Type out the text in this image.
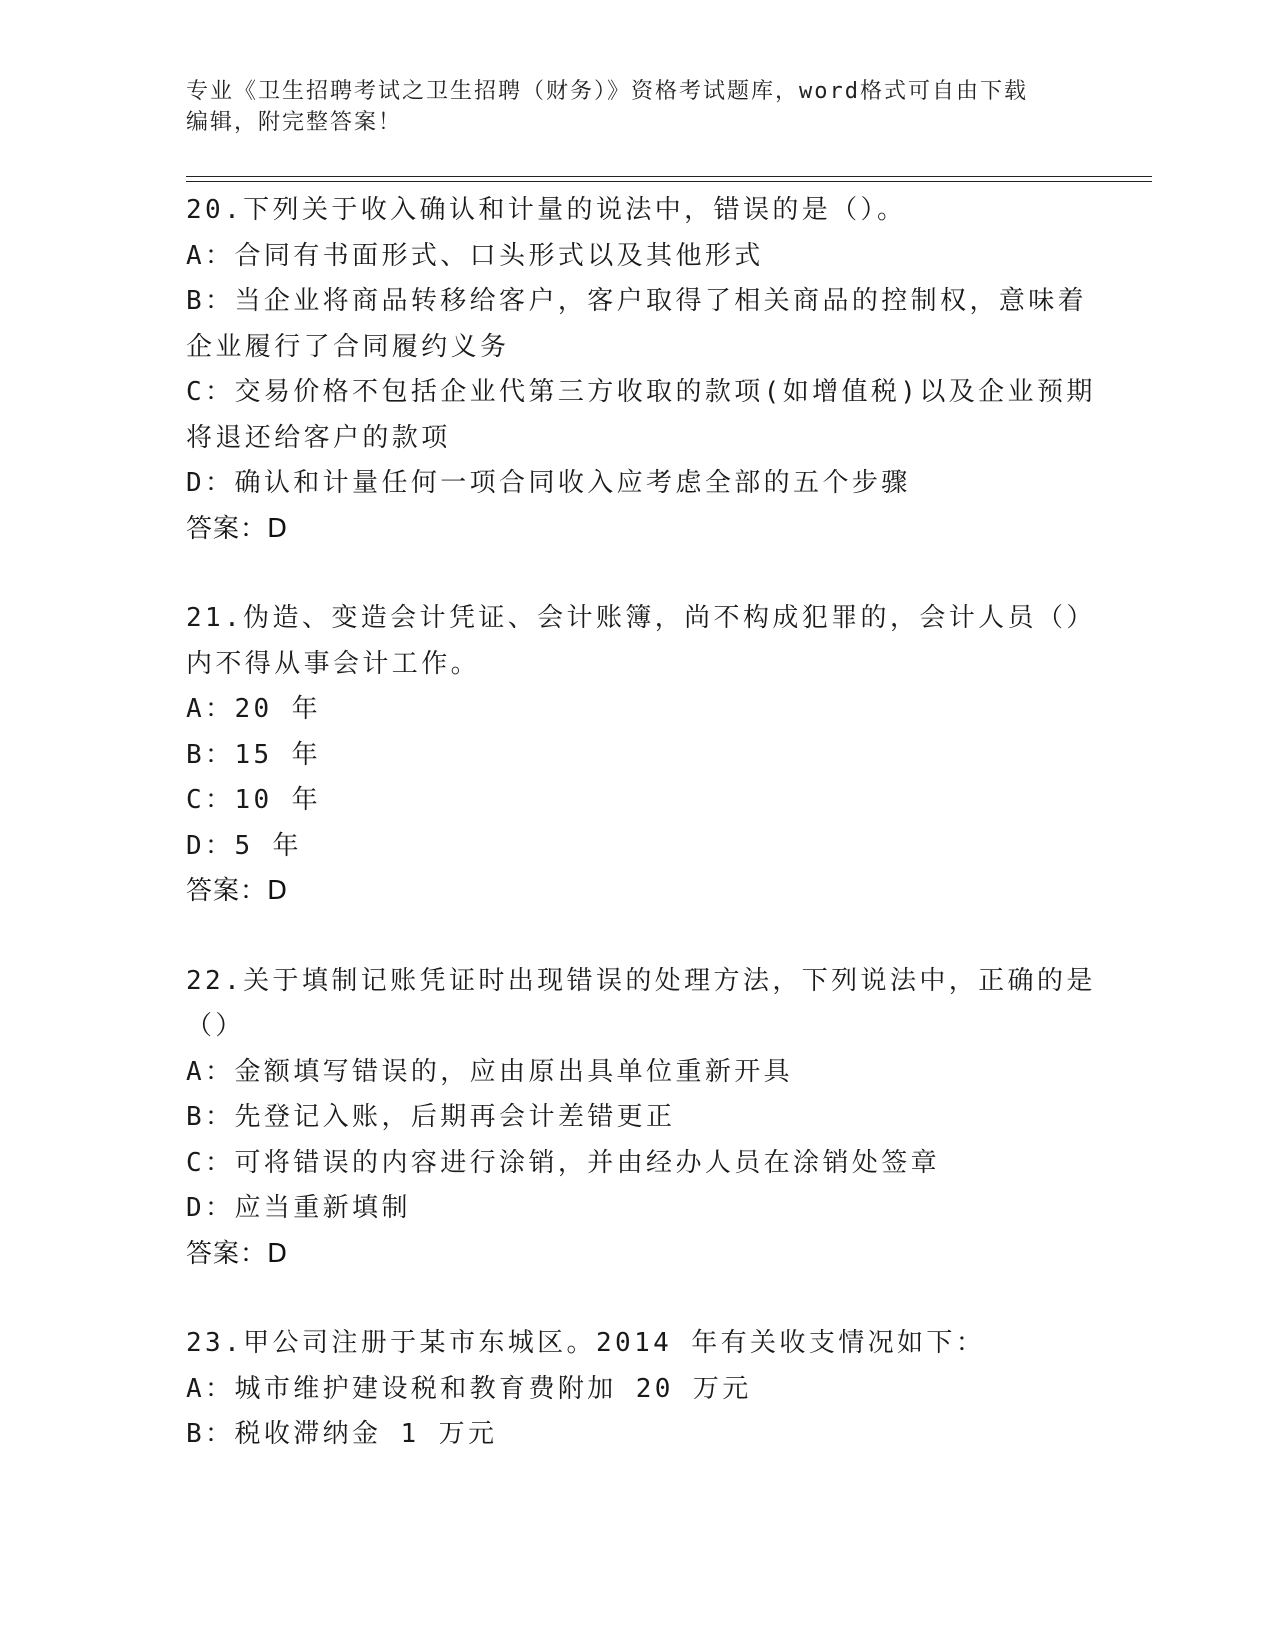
专业《卫生招聘考试之卫生招聘（财务）》资格考试题库，word格式可自由下载
编辑，附完整答案！
20.下列关于收入确认和计量的说法中，错误的是（）。
A：合同有书面形式、口头形式以及其他形式
B：当企业将商品转移给客户，客户取得了相关商品的控制权，意味着
企业履行了合同履约义务
C：交易价格不包括企业代第三方收取的款项(如增值税)以及企业预期
将退还给客户的款项
D：确认和计量任何一项合同收入应考虑全部的五个步骤
答案：D
21.伪造、变造会计凭证、会计账簿，尚不构成犯罪的，会计人员（）
内不得从事会计工作。
A：20 年
B：15 年
C：10 年
D：5 年
答案：D
22.关于填制记账凭证时出现错误的处理方法，下列说法中，正确的是
（）
A：金额填写错误的，应由原出具单位重新开具
B：先登记入账，后期再会计差错更正
C：可将错误的内容进行涂销，并由经办人员在涂销处签章
D：应当重新填制
答案：D
23.甲公司注册于某市东城区。2014 年有关收支情况如下：
A：城市维护建设税和教育费附加 20 万元
B：税收滞纳金 1 万元
